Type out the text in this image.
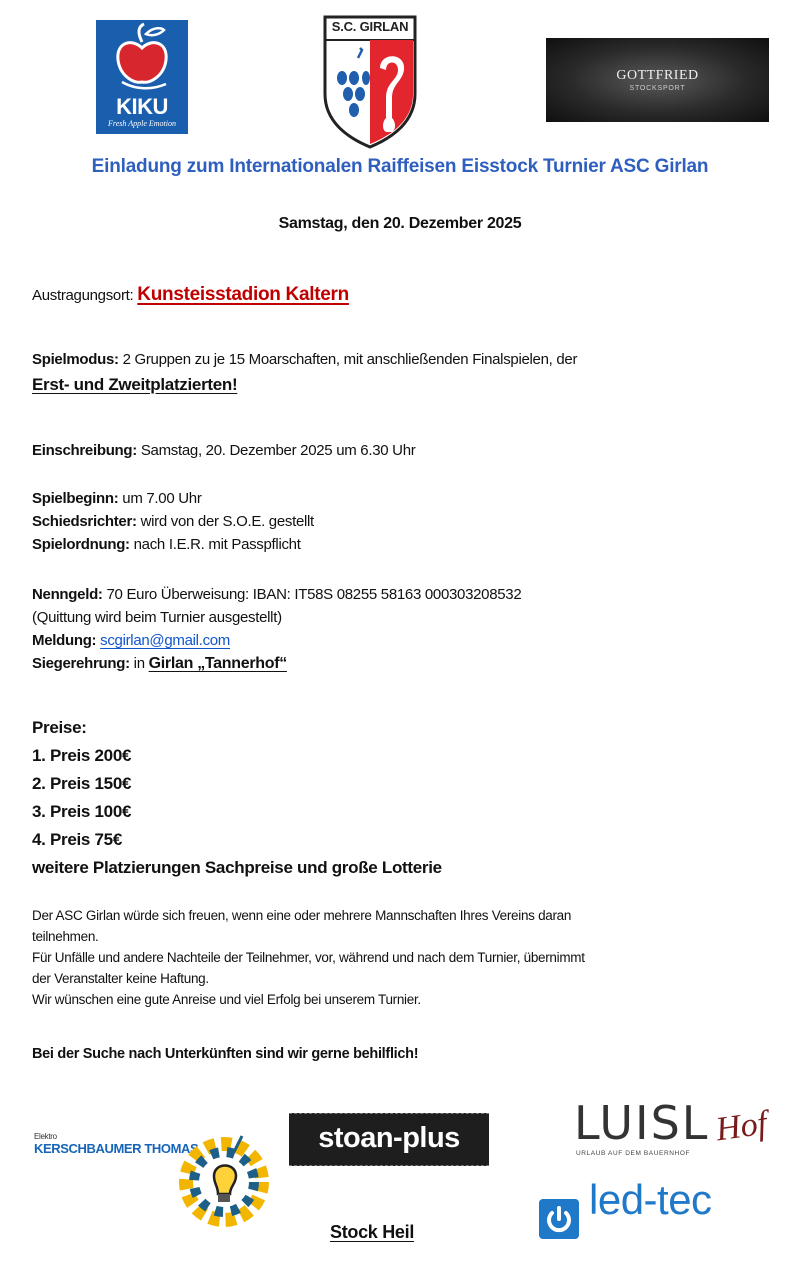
KIKU
Fresh Apple Emotion
S.C. GIRLAN
GOTTFRIED
STOCKSPORT
Einladung zum Internationalen Raiffeisen Eisstock Turnier ASC Girlan
Samstag, den 20. Dezember 2025
Austragungsort: Kunsteisstadion Kaltern
Spielmodus: 2 Gruppen zu je 15 Moarschaften, mit anschließenden Finalspielen, der
Erst- und Zweitplatzierten!
Einschreibung: Samstag, 20. Dezember 2025 um 6.30 Uhr
Spielbeginn: um 7.00 Uhr
Schiedsrichter: wird von der S.O.E. gestellt
Spielordnung: nach I.E.R. mit Passpflicht
Nenngeld: 70 Euro Überweisung: IBAN: IT58S 08255 58163 000303208532
(Quittung wird beim Turnier ausgestellt)
Meldung: scgirlan@gmail.com
Siegerehrung: in Girlan „Tannerhof“
Preise:
1. Preis 200€
2. Preis 150€
3. Preis 100€
4. Preis 75€
weitere Platzierungen Sachpreise und große Lotterie
Der ASC Girlan würde sich freuen, wenn eine oder mehrere Mannschaften Ihres Vereins daran
teilnehmen.
Für Unfälle und andere Nachteile der Teilnehmer, vor, während und nach dem Turnier, übernimmt
der Veranstalter keine Haftung.
Wir wünschen eine gute Anreise und viel Erfolg bei unserem Turnier.
Bei der Suche nach Unterkünften sind wir gerne behilflich!
Elektro
KERSCHBAUMER THOMAS	stoan-plus	LUISL Hof
URLAUB AUF DEM BAUERNHOF
led-tec
Stock Heil
